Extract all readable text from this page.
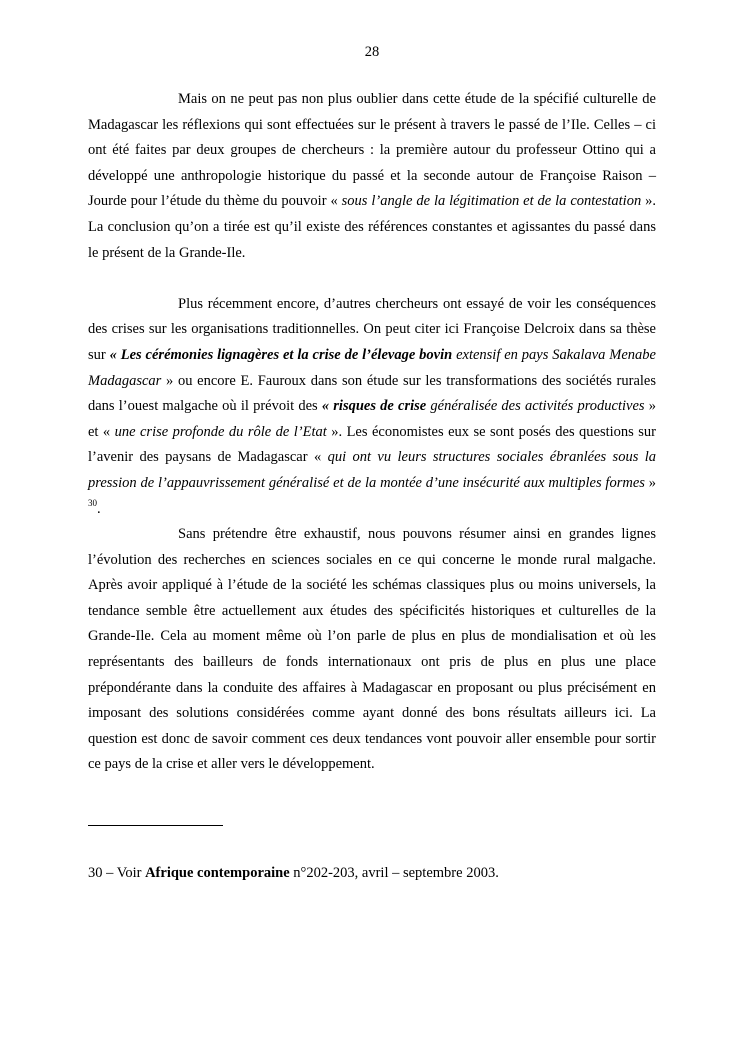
28

Mais on ne peut pas non plus oublier dans cette étude de la spécifié culturelle de Madagascar les réflexions qui sont effectuées sur le présent à travers le passé de l’Ile. Celles – ci ont été faites par deux groupes de chercheurs : la première autour du professeur Ottino qui a développé une anthropologie historique du passé et la seconde autour de Françoise Raison – Jourde pour l’étude du thème du pouvoir « sous l’angle de la légitimation et de la contestation ». La conclusion qu’on a tirée est qu’il existe des références constantes et agissantes du passé dans le présent de la Grande-Ile.

Plus récemment encore, d’autres chercheurs ont essayé de voir les conséquences des crises sur les organisations traditionnelles. On peut citer ici Françoise Delcroix dans sa thèse sur « Les cérémonies lignagères et la crise de l’élevage bovin extensif en pays Sakalava Menabe Madagascar » ou encore E. Fauroux dans son étude sur les transformations des sociétés rurales dans l’ouest malgache où il prévoit des « risques de crise généralisée des activités productives » et « une crise profonde du rôle de l’Etat ». Les économistes eux se sont posés des questions sur l’avenir des paysans de Madagascar « qui ont vu leurs structures sociales ébranlées sous la pression de l’appauvrissement généralisé et de la montée d’une insécurité aux multiples formes » $^{30}$.

Sans prétendre être exhaustif, nous pouvons résumer ainsi en grandes lignes l’évolution des recherches en sciences sociales en ce qui concerne le monde rural malgache. Après avoir appliqué à l’étude de la société les schémas classiques plus ou moins universels, la tendance semble être actuellement aux études des spécificités historiques et culturelles de la Grande-Ile. Cela au moment même où l’on parle de plus en plus de mondialisation et où les représentants des bailleurs de fonds internationaux ont pris de plus en plus une place prépondérante dans la conduite des affaires à Madagascar en proposant ou plus précisément en imposant des solutions considérées comme ayant donné des bons résultats ailleurs ici. La question est donc de savoir comment ces deux tendances vont pouvoir aller ensemble pour sortir ce pays de la crise et aller vers le développement.

30 – Voir Afrique contemporaine n°202-203, avril – septembre 2003.
